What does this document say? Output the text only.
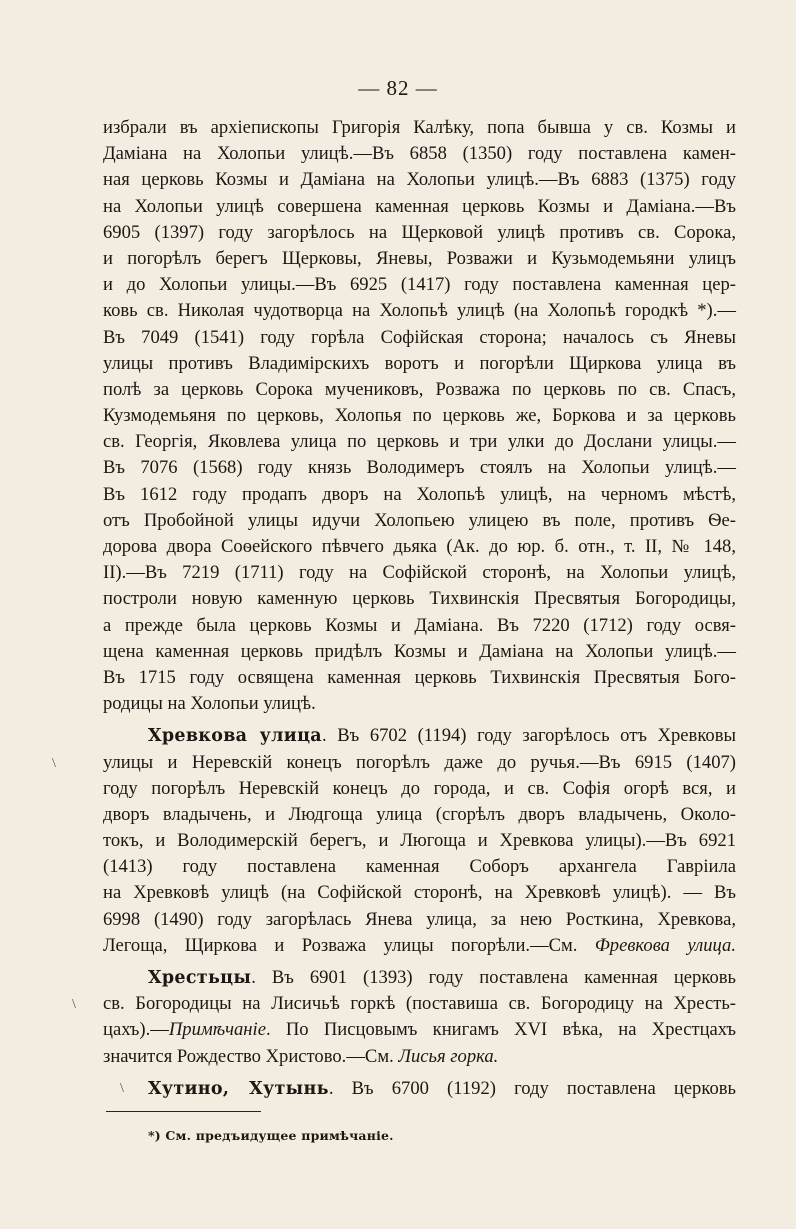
— 82 —
избрали въ архіепископы Григорія Калѣку, попа бывша у св. Козмы и
Даміана на Холопьи улицѣ.—Въ 6858 (1350) году поставлена камен-
ная церковь Козмы и Даміана на Холопьи улицѣ.—Въ 6883 (1375) году
на Холопьи улицѣ совершена каменная церковь Козмы и Даміана.—Въ
6905 (1397) году загорѣлось на Щерковой улицѣ противъ св. Сорока,
и погорѣлъ берегъ Щерковы, Яневы, Розважи и Кузьмодемьяни улицъ
и до Холопьи улицы.—Въ 6925 (1417) году поставлена каменная цер-
ковь св. Николая чудотворца на Холопьѣ улицѣ (на Холопьѣ городкѣ *).—
Въ 7049 (1541) году горѣла Софійская сторона; началось съ Яневы
улицы противъ Владимірскихъ воротъ и погорѣли Щиркова улица въ
полѣ за церковь Сорока мучениковъ, Розважа по церковь по св. Спасъ,
Кузмодемьяня по церковь, Холопья по церковь же, Боркова и за церковь
св. Георгія, Яковлева улица по церковь и три улки до Дослани улицы.—
Въ 7076 (1568) году князь Володимеръ стоялъ на Холопьи улицѣ.—
Въ 1612 году продапъ дворъ на Холопьѣ улицѣ, на черномъ мѣстѣ,
отъ Пробойной улицы идучи Холопьею улицею въ поле, противъ Ѳе-
дорова двора Соѳейского пѣвчего дьяка (Ак. до юр. б. отн., т. II, № 148,
II).—Въ 7219 (1711) году на Софійской сторонѣ, на Холопьи улицѣ,
построли новую каменную церковь Тихвинскія Пресвятыя Богородицы,
а прежде была церковь Козмы и Даміана. Въ 7220 (1712) году освя-
щена каменная церковь придѣлъ Козмы и Даміана на Холопьи улицѣ.—
Въ 1715 году освящена каменная церковь Тихвинскія Пресвятыя Бого-
родицы на Холопьи улицѣ.
Хревкова улица. Въ 6702 (1194) году загорѣлось отъ Хревковы
улицы и Неревскій конецъ погорѣлъ даже до ручья.—Въ 6915 (1407)
году погорѣлъ Неревскій конецъ до города, и св. Софія огорѣ вся, и
дворъ владычень, и Людгоща улица (сгорѣлъ дворъ владычень, Около-
токъ, и Володимерскій берегъ, и Люгоща и Хревкова улицы).—Въ 6921
(1413) году поставлена каменная Соборъ архангела Гавріила
на Хревковѣ улицѣ (на Софійской сторонѣ, на Хревковѣ улицѣ). — Въ
6998 (1490) году загорѣлась Янева улица, за нею Росткина, Хревкова,
Легоща, Щиркова и Розважа улицы погорѣли.—См. Фревкова улица.
Хрестьцы. Въ 6901 (1393) году поставлена каменная церковь
св. Богородицы на Лисичьѣ горкѣ (поставиша св. Богородицу на Хресть-
цахъ).—Примѣчаніе. По Писцовымъ книгамъ XVI вѣка, на Хрестцахъ
значится Рождество Христово.—См. Лисья горка.
Хутино, Хутынь. Въ 6700 (1192) году поставлена церковь
*) См. предъидущее примѣчаніе.
\
\
\
